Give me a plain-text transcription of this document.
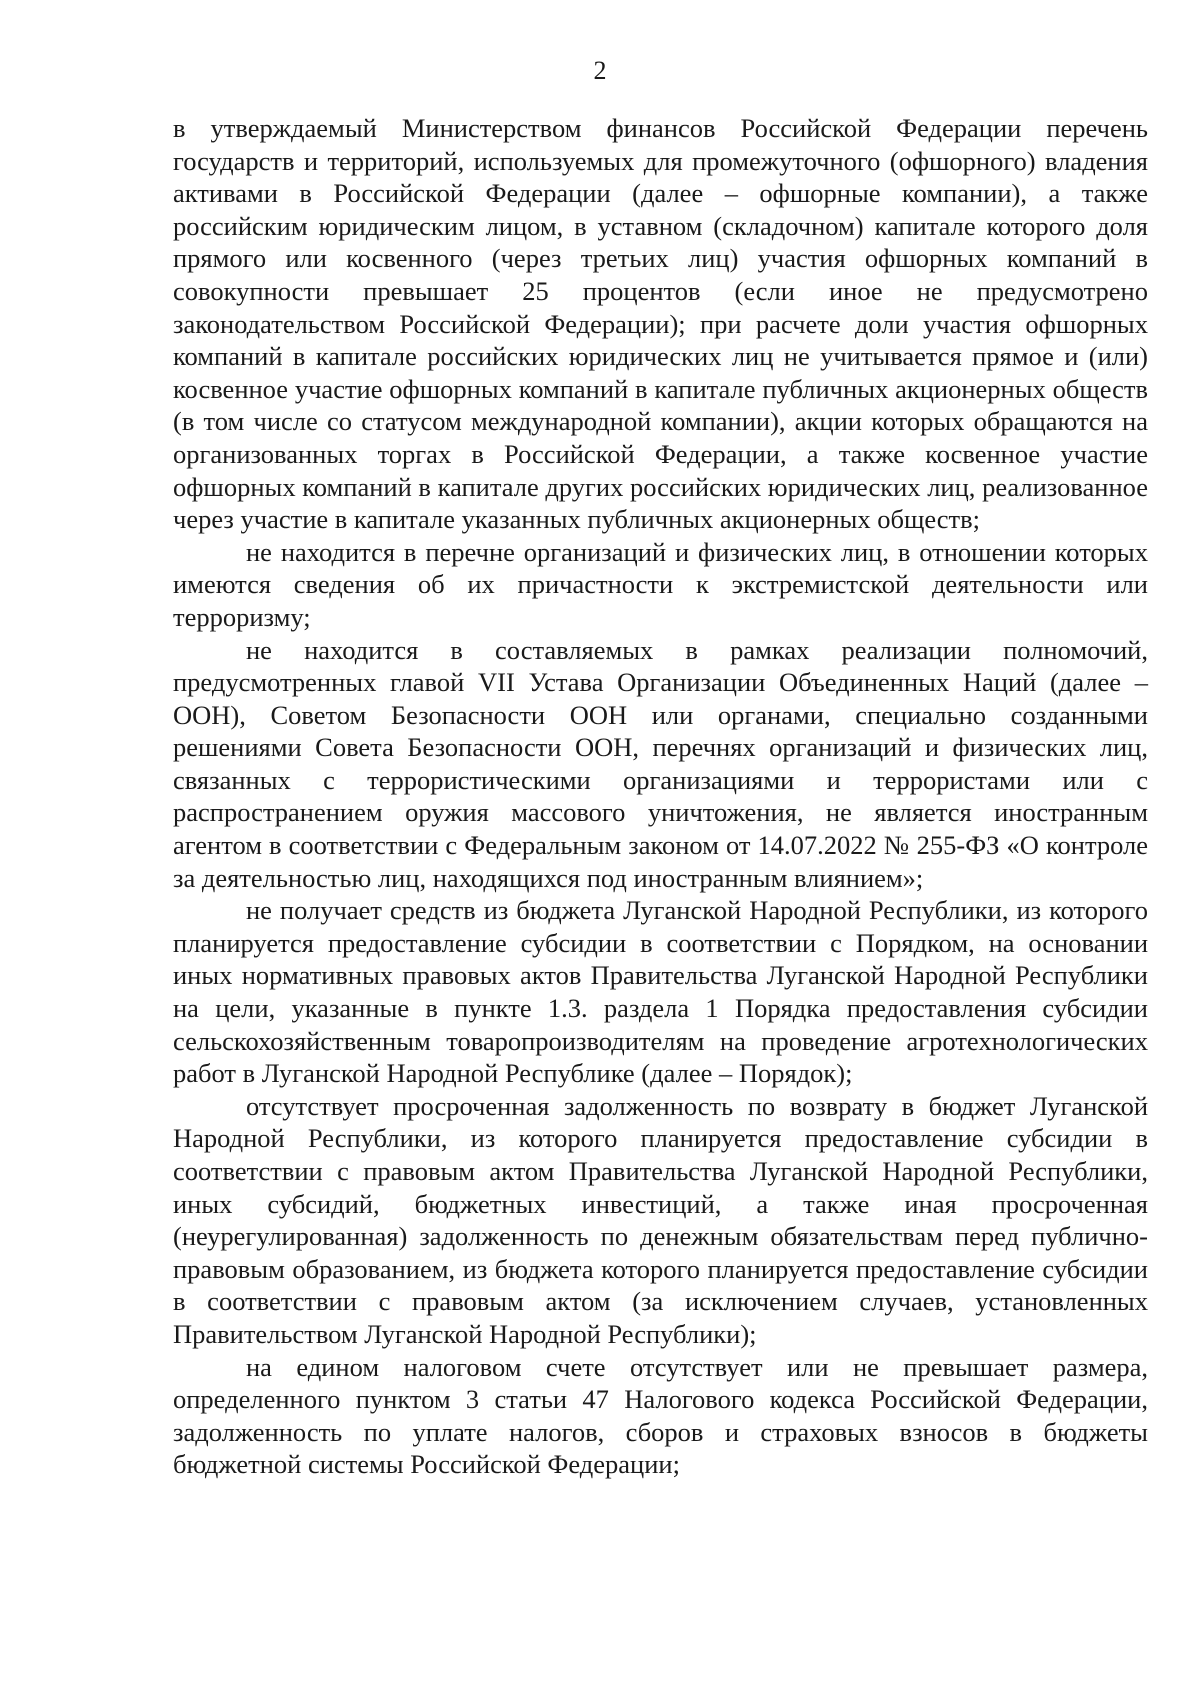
2

в утверждаемый Министерством финансов Российской Федерации перечень государств и территорий, используемых для промежуточного (офшорного) владения активами в Российской Федерации (далее – офшорные компании), а также российским юридическим лицом, в уставном (складочном) капитале которого доля прямого или косвенного (через третьих лиц) участия офшорных компаний в совокупности превышает 25 процентов (если иное не предусмотрено законодательством Российской Федерации); при расчете доли участия офшорных компаний в капитале российских юридических лиц не учитывается прямое и (или) косвенное участие офшорных компаний в капитале публичных акционерных обществ (в том числе со статусом международной компании), акции которых обращаются на организованных торгах в Российской Федерации, а также косвенное участие офшорных компаний в капитале других российских юридических лиц, реализованное через участие в капитале указанных публичных акционерных обществ;

не находится в перечне организаций и физических лиц, в отношении которых имеются сведения об их причастности к экстремистской деятельности или терроризму;

не находится в составляемых в рамках реализации полномочий, предусмотренных главой VII Устава Организации Объединенных Наций (далее – ООН), Советом Безопасности ООН или органами, специально созданными решениями Совета Безопасности ООН, перечнях организаций и физических лиц, связанных с террористическими организациями и террористами или с распространением оружия массового уничтожения, не является иностранным агентом в соответствии с Федеральным законом от 14.07.2022 № 255-ФЗ «О контроле за деятельностью лиц, находящихся под иностранным влиянием»;

не получает средств из бюджета Луганской Народной Республики, из которого планируется предоставление субсидии в соответствии с Порядком, на основании иных нормативных правовых актов Правительства Луганской Народной Республики на цели, указанные в пункте 1.3. раздела 1 Порядка предоставления субсидии сельскохозяйственным товаропроизводителям на проведение агротехнологических работ в Луганской Народной Республике (далее – Порядок);

отсутствует просроченная задолженность по возврату в бюджет Луганской Народной Республики, из которого планируется предоставление субсидии в соответствии с правовым актом Правительства Луганской Народной Республики, иных субсидий, бюджетных инвестиций, а также иная просроченная (неурегулированная) задолженность по денежным обязательствам перед публично-правовым образованием, из бюджета которого планируется предоставление субсидии в соответствии с правовым актом (за исключением случаев, установленных Правительством Луганской Народной Республики);

на едином налоговом счете отсутствует или не превышает размера, определенного пунктом 3 статьи 47 Налогового кодекса Российской Федерации, задолженность по уплате налогов, сборов и страховых взносов в бюджеты бюджетной системы Российской Федерации;
